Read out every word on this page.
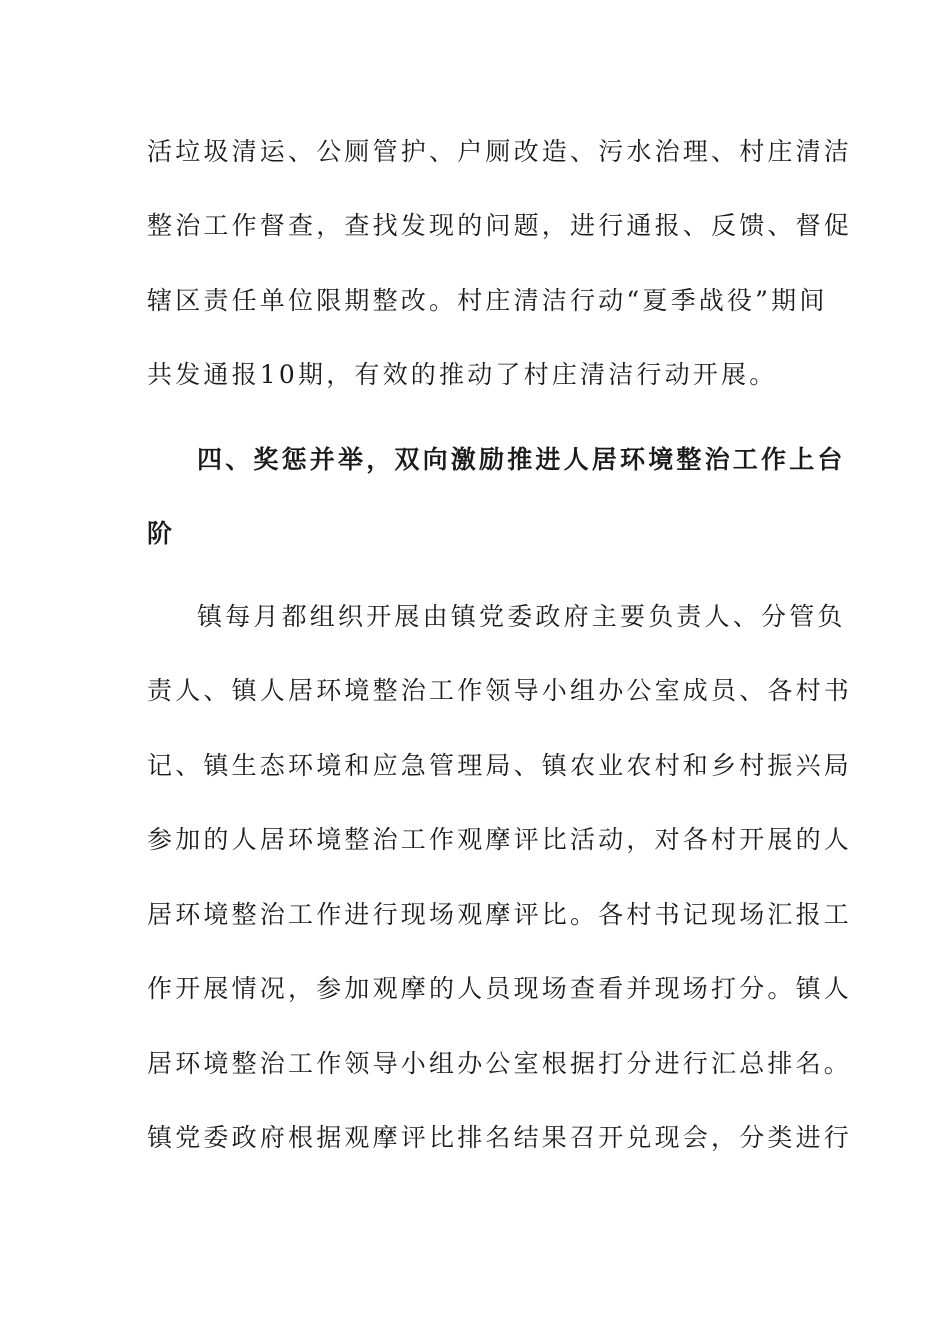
活垃圾清运、公厕管护、户厕改造、污水治理、村庄清洁
整治工作督查，查找发现的问题，进行通报、反馈、督促
辖区责任单位限期整改。村庄清洁行动“夏季战役”期间
共发通报10期，有效的推动了村庄清洁行动开展。
四、奖惩并举，双向激励推进人居环境整治工作上台
阶
镇每月都组织开展由镇党委政府主要负责人、分管负
责人、镇人居环境整治工作领导小组办公室成员、各村书
记、镇生态环境和应急管理局、镇农业农村和乡村振兴局
参加的人居环境整治工作观摩评比活动，对各村开展的人
居环境整治工作进行现场观摩评比。各村书记现场汇报工
作开展情况，参加观摩的人员现场查看并现场打分。镇人
居环境整治工作领导小组办公室根据打分进行汇总排名。
镇党委政府根据观摩评比排名结果召开兑现会，分类进行
